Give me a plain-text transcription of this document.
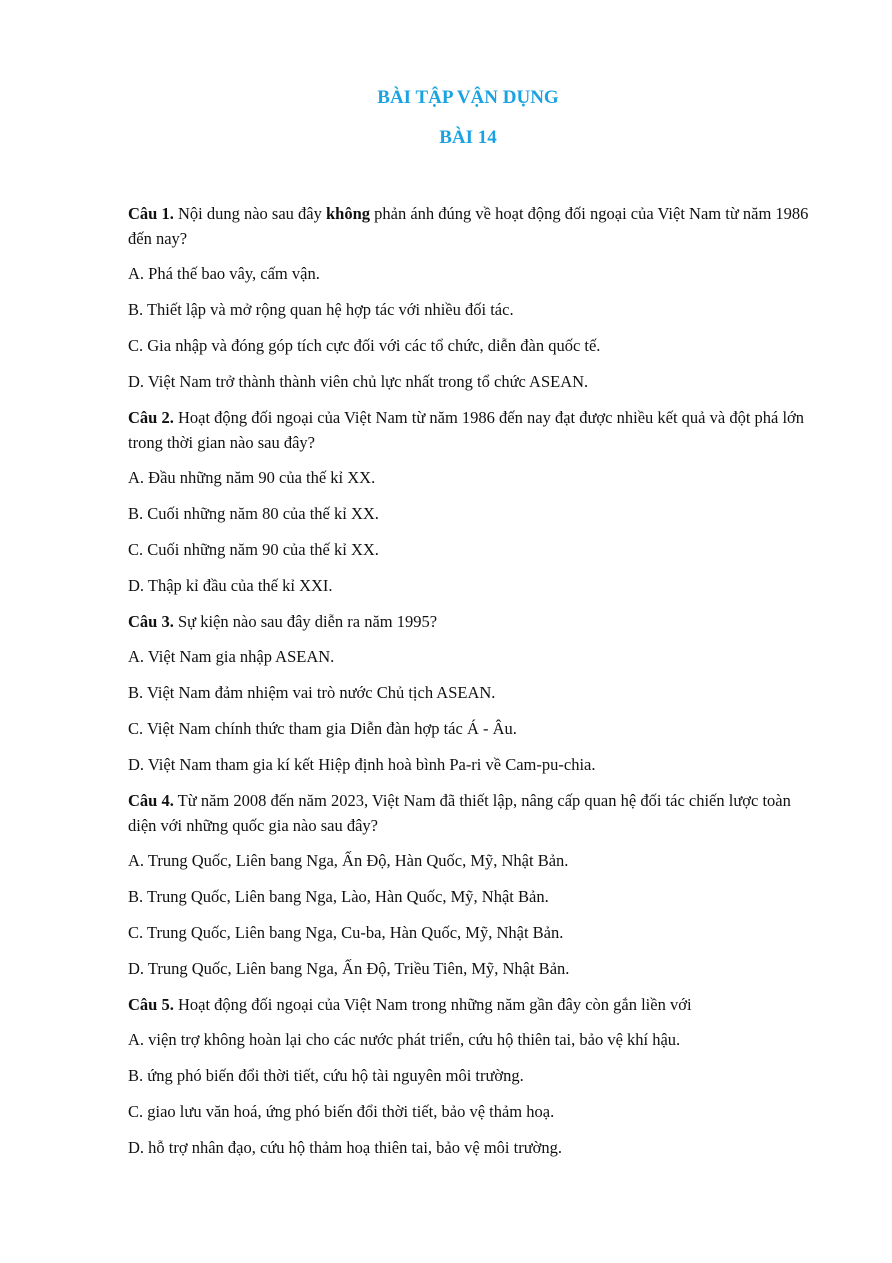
BÀI TẬP VẬN DỤNG
BÀI 14

Câu 1. Nội dung nào sau đây không phản ánh đúng về hoạt động đối ngoại của Việt Nam từ năm 1986 đến nay?

A. Phá thế bao vây, cấm vận.

B. Thiết lập và mở rộng quan hệ hợp tác với nhiều đối tác.

C. Gia nhập và đóng góp tích cực đối với các tổ chức, diễn đàn quốc tế.

D. Việt Nam trở thành thành viên chủ lực nhất trong tổ chức ASEAN.

Câu 2. Hoạt động đối ngoại của Việt Nam từ năm 1986 đến nay đạt được nhiều kết quả và đột phá lớn trong thời gian nào sau đây?

A. Đầu những năm 90 của thế kỉ XX.

B. Cuối những năm 80 của thế kỉ XX.

C. Cuối những năm 90 của thế kỉ XX.

D. Thập kỉ đầu của thế kỉ XXI.

Câu 3. Sự kiện nào sau đây diễn ra năm 1995?

A. Việt Nam gia nhập ASEAN.

B. Việt Nam đảm nhiệm vai trò nước Chủ tịch ASEAN.

C. Việt Nam chính thức tham gia Diễn đàn hợp tác Á - Âu.

D. Việt Nam tham gia kí kết Hiệp định hoà bình Pa-ri về Cam-pu-chia.

Câu 4. Từ năm 2008 đến năm 2023, Việt Nam đã thiết lập, nâng cấp quan hệ đối tác chiến lược toàn diện với những quốc gia nào sau đây?

A. Trung Quốc, Liên bang Nga, Ấn Độ, Hàn Quốc, Mỹ, Nhật Bản.

B. Trung Quốc, Liên bang Nga, Lào, Hàn Quốc, Mỹ, Nhật Bản.

C. Trung Quốc, Liên bang Nga, Cu-ba, Hàn Quốc, Mỹ, Nhật Bản.

D. Trung Quốc, Liên bang Nga, Ấn Độ, Triều Tiên, Mỹ, Nhật Bản.

Câu 5. Hoạt động đối ngoại của Việt Nam trong những năm gần đây còn gắn liền với

A. viện trợ không hoàn lại cho các nước phát triển, cứu hộ thiên tai, bảo vệ khí hậu.

B. ứng phó biến đổi thời tiết, cứu hộ tài nguyên môi trường.

C. giao lưu văn hoá, ứng phó biến đổi thời tiết, bảo vệ thảm hoạ.

D. hỗ trợ nhân đạo, cứu hộ thảm hoạ thiên tai, bảo vệ môi trường.
